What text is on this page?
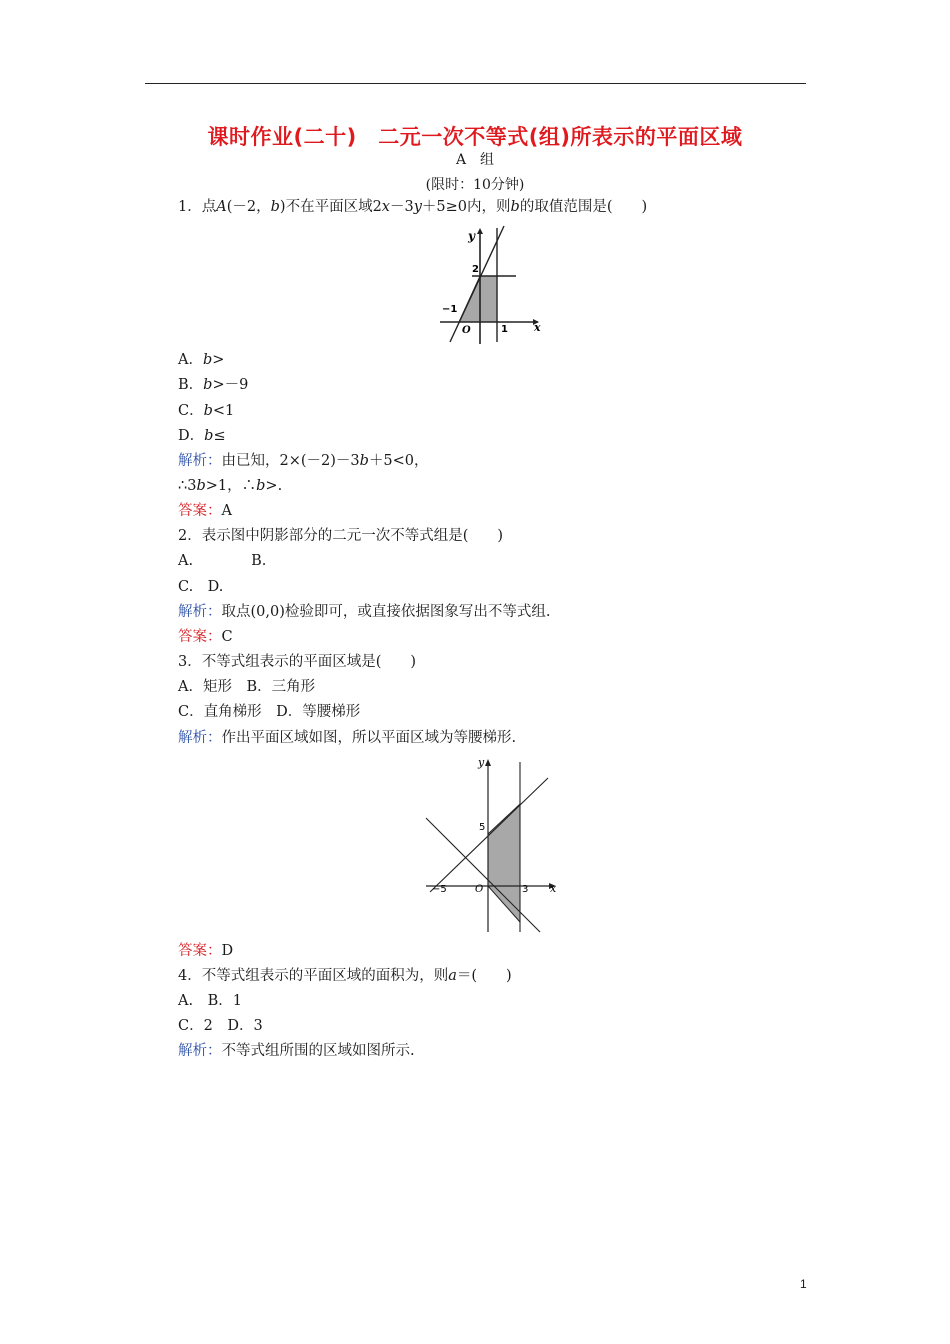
课时作业(二十)　二元一次不等式(组)所表示的平面区域
A　组
(限时：10分钟)
1．点A(－2，b)不在平面区域2x－3y＋5≥0内，则b的取值范围是(　　)
y
x
−1
2
1
O
A．b>
B．b>－9
C．b<1
D．b≤
解析：由已知，2×(－2)－3b＋5<0，
∴3b>1，∴b>.
答案：A
2．表示图中阴影部分的二元一次不等式组是(　　)
A.　　　　B.
C.　D.
解析：取点(0,0)检验即可，或直接依据图象写出不等式组.
答案：C
3．不等式组表示的平面区域是(　　)
A．矩形　B．三角形
C．直角梯形　D．等腰梯形
解析：作出平面区域如图，所以平面区域为等腰梯形.
y
x
5
−5	O	3
答案：D
4．不等式组表示的平面区域的面积为，则a＝(　　)
A.　B．1
C．2　D．3
解析：不等式组所围的区域如图所示.
1
